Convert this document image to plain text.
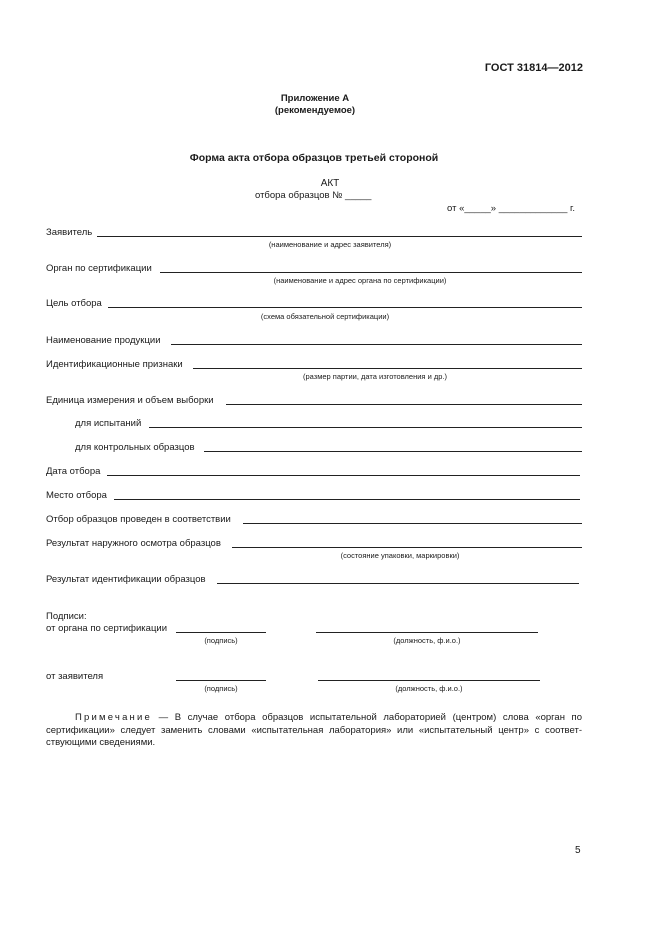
ГОСТ 31814—2012
Приложение А
(рекомендуемое)
Форма акта отбора образцов третьей стороной
АКТ
отбора образцов № _____
от «_____» _____________ г.
Заявитель
(наименование и адрес заявителя)
Орган по сертификации
(наименование и адрес органа по сертификации)
Цель отбора
(схема обязательной сертификации)
Наименование продукции
Идентификационные признаки
(размер партии, дата изготовления и др.)
Единица измерения и объем выборки
для испытаний
для контрольных образцов
Дата отбора
Место отбора
Отбор образцов проведен в соответствии
Результат наружного осмотра образцов
(состояние упаковки, маркировки)
Результат идентификации образцов
Подписи:
от органа по сертификации
(подпись)	(должность, ф.и.о.)
от заявителя
(подпись)	(должность, ф.и.о.)
Примечание — В случае отбора образцов испытательной лабораторией (центром) слова «орган по сертификации» следует заменить словами «испытательная лаборатория» или «испытательный центр» с соответствующими сведениями.
5
